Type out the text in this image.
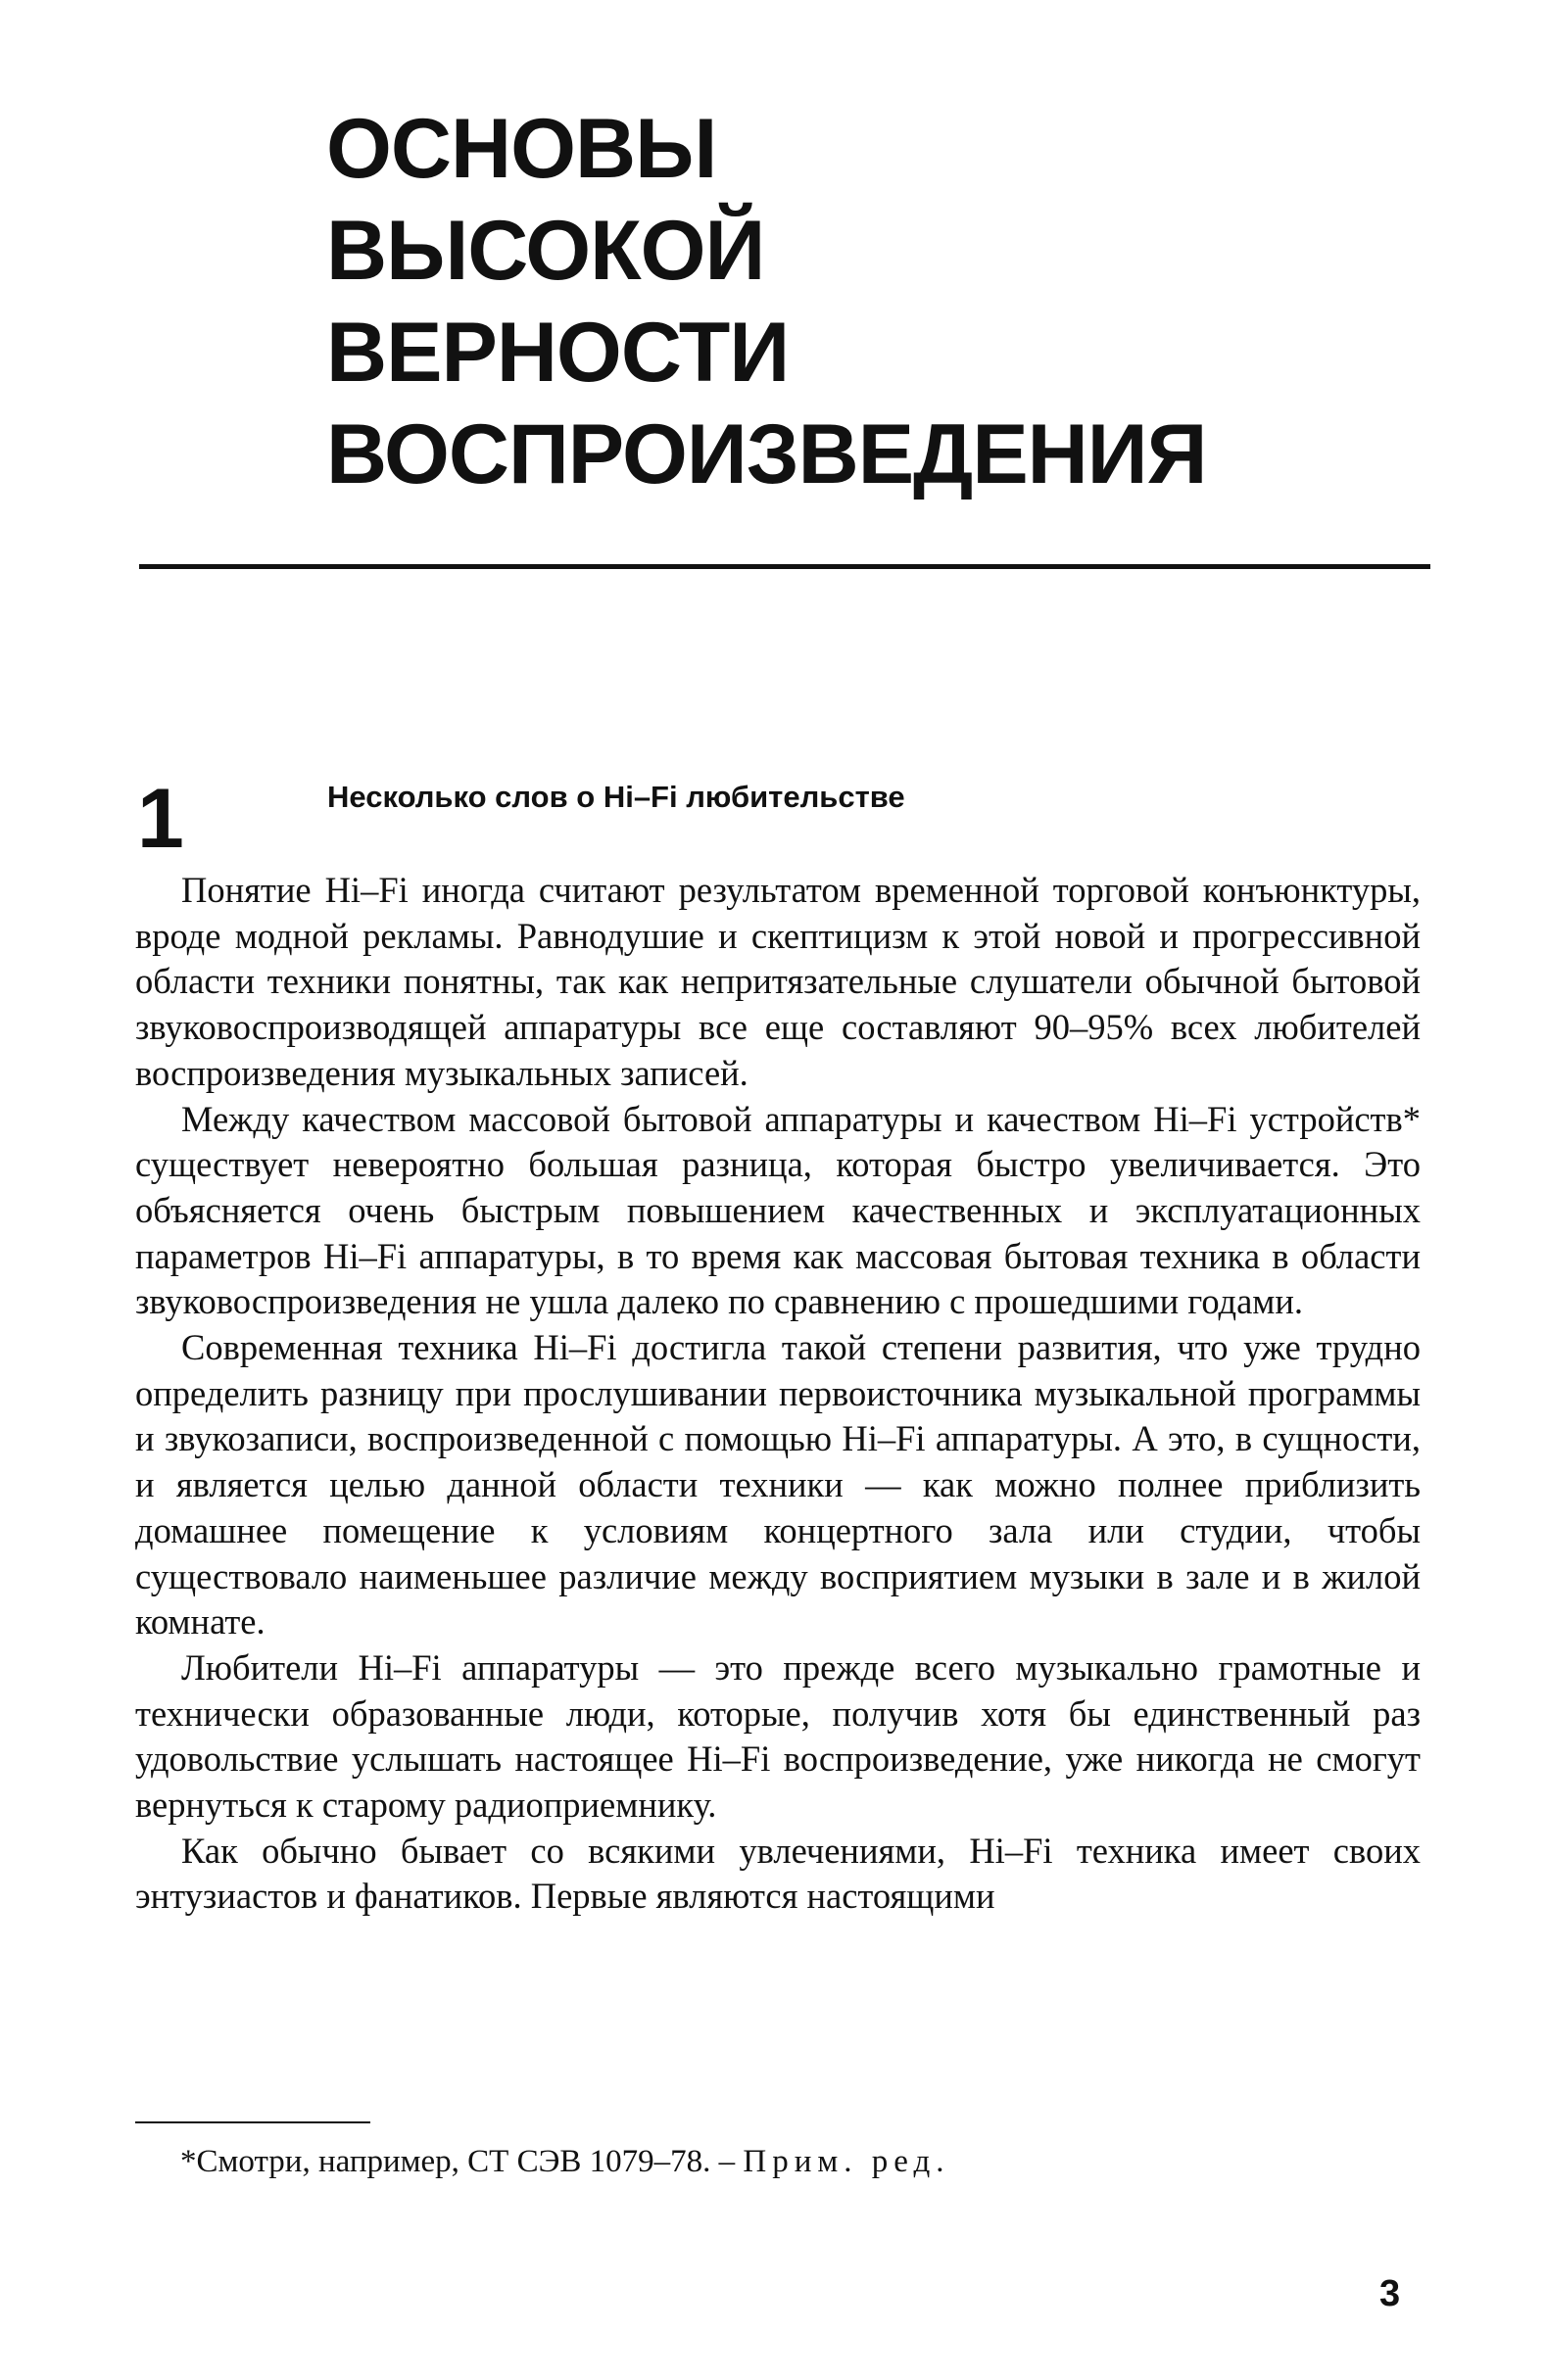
ОСНОВЫ
ВЫСОКОЙ
ВЕРНОСТИ
ВОСПРОИЗВЕДЕНИЯ
1	Несколько слов о Hi–Fi любительстве

Понятие Hi–Fi иногда считают результатом временной торговой конъюнктуры, вроде модной рекламы. Равнодушие и скептицизм к этой новой и прогрессивной области техники понятны, так как непритязательные слушатели обычной бытовой звуковоспроизводящей аппаратуры все еще составляют 90–95% всех любителей воспроизведения музыкальных записей.

Между качеством массовой бытовой аппаратуры и качеством Hi–Fi устройств* существует невероятно большая разница, которая быстро увеличивается. Это объясняется очень быстрым повышением качественных и эксплуатационных параметров Hi–Fi аппаратуры, в то время как массовая бытовая техника в области звуковоспроизведения не ушла далеко по сравнению с прошедшими годами.

Современная техника Hi–Fi достигла такой степени развития, что уже трудно определить разницу при прослушивании первоисточника музыкальной программы и звукозаписи, воспроизведенной с помощью Hi–Fi аппаратуры. А это, в сущности, и является целью данной области техники — как можно полнее приблизить домашнее помещение к условиям концертного зала или студии, чтобы существовало наименьшее различие между восприятием музыки в зале и в жилой комнате.

Любители Hi–Fi аппаратуры — это прежде всего музыкально грамотные и технически образованные люди, которые, получив хотя бы единственный раз удовольствие услышать настоящее Hi–Fi воспроизведение, уже никогда не смогут вернуться к старому радиоприемнику.

Как обычно бывает со всякими увлечениями, Hi–Fi техника имеет своих энтузиастов и фанатиков. Первые являются настоящими

*Смотри, например, СТ СЭВ 1079–78. – Прим. ред.
3
